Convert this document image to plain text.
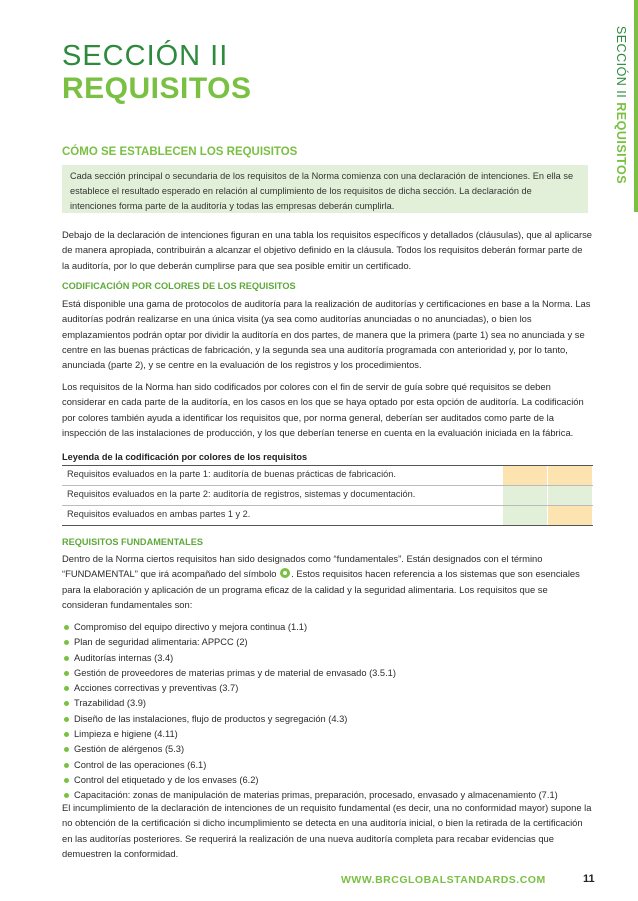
SECCIÓN II REQUISITOS
SECCIÓN II
REQUISITOS
CÓMO SE ESTABLECEN LOS REQUISITOS
Cada sección principal o secundaria de los requisitos de la Norma comienza con una declaración de intenciones. En ella se establece el resultado esperado en relación al cumplimiento de los requisitos de dicha sección. La declaración de intenciones forma parte de la auditoría y todas las empresas deberán cumplirla.
Debajo de la declaración de intenciones figuran en una tabla los requisitos específicos y detallados (cláusulas), que al aplicarse de manera apropiada, contribuirán a alcanzar el objetivo definido en la cláusula. Todos los requisitos deberán formar parte de la auditoría, por lo que deberán cumplirse para que sea posible emitir un certificado.
CODIFICACIÓN POR COLORES DE LOS REQUISITOS
Está disponible una gama de protocolos de auditoría para la realización de auditorías y certificaciones en base a la Norma. Las auditorías podrán realizarse en una única visita (ya sea como auditorías anunciadas o no anunciadas), o bien los emplazamientos podrán optar por dividir la auditoría en dos partes, de manera que la primera (parte 1) sea no anunciada y se centre en las buenas prácticas de fabricación, y la segunda sea una auditoría programada con anterioridad y, por lo tanto, anunciada (parte 2), y se centre en la evaluación de los registros y los procedimientos.
Los requisitos de la Norma han sido codificados por colores con el fin de servir de guía sobre qué requisitos se deben considerar en cada parte de la auditoría, en los casos en los que se haya optado por esta opción de auditoría. La codificación por colores también ayuda a identificar los requisitos que, por norma general, deberían ser auditados como parte de la inspección de las instalaciones de producción, y los que deberían tenerse en cuenta en la evaluación iniciada en la fábrica.
Leyenda de la codificación por colores de los requisitos
Requisitos evaluados en la parte 1: auditoría de buenas prácticas de fabricación.
Requisitos evaluados en la parte 2: auditoría de registros, sistemas y documentación.
Requisitos evaluados en ambas partes 1 y 2.
REQUISITOS FUNDAMENTALES
Dentro de la Norma ciertos requisitos han sido designados como “fundamentales”. Están designados con el término “FUNDAMENTAL” que irá acompañado del símbolo . Estos requisitos hacen referencia a los sistemas que son esenciales para la elaboración y aplicación de un programa eficaz de la calidad y la seguridad alimentaria. Los requisitos que se consideran fundamentales son:
Compromiso del equipo directivo y mejora continua (1.1)
Plan de seguridad alimentaria: APPCC (2)
Auditorías internas (3.4)
Gestión de proveedores de materias primas y de material de envasado (3.5.1)
Acciones correctivas y preventivas (3.7)
Trazabilidad (3.9)
Diseño de las instalaciones, flujo de productos y segregación (4.3)
Limpieza e higiene (4.11)
Gestión de alérgenos (5.3)
Control de las operaciones (6.1)
Control del etiquetado y de los envases (6.2)
Capacitación: zonas de manipulación de materias primas, preparación, procesado, envasado y almacenamiento (7.1)
El incumplimiento de la declaración de intenciones de un requisito fundamental (es decir, una no conformidad mayor) supone la no obtención de la certificación si dicho incumplimiento se detecta en una auditoría inicial, o bien la retirada de la certificación en las auditorías posteriores. Se requerirá la realización de una nueva auditoría completa para recabar evidencias que demuestren la conformidad.
WWW.BRCGLOBALSTANDARDS.COM	11
